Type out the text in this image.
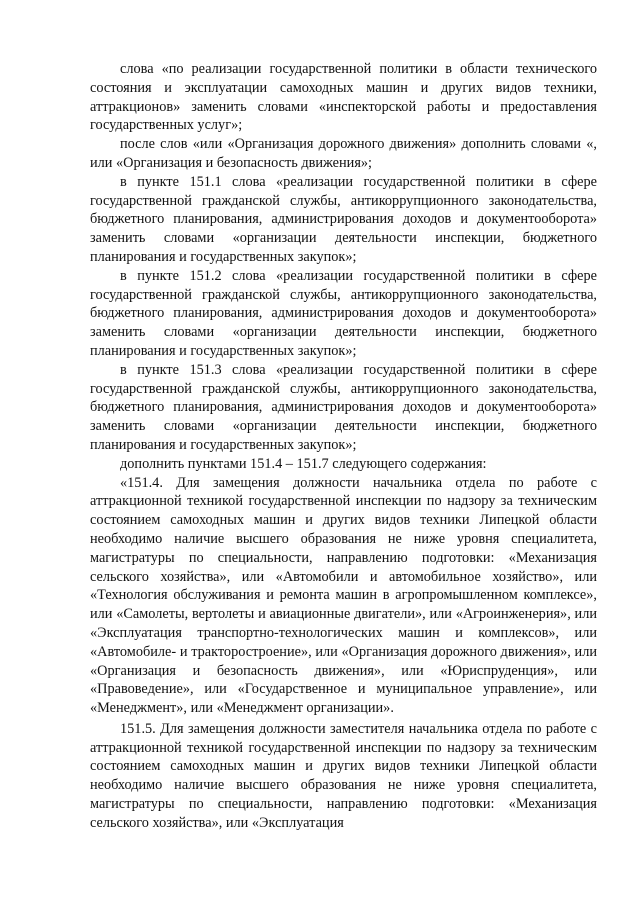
слова «по реализации государственной политики в области технического состояния и эксплуатации самоходных машин и других видов техники, аттракционов» заменить словами «инспекторской работы и предоставления государственных услуг»;

после слов «или «Организация дорожного движения» дополнить словами «, или «Организация и безопасность движения»;

в пункте 151.1 слова «реализации государственной политики в сфере государственной гражданской службы, антикоррупционного законодательства, бюджетного планирования, администрирования доходов и документооборота» заменить словами «организации деятельности инспекции, бюджетного планирования и государственных закупок»;

в пункте 151.2 слова «реализации государственной политики в сфере государственной гражданской службы, антикоррупционного законодательства, бюджетного планирования, администрирования доходов и документооборота» заменить словами «организации деятельности инспекции, бюджетного планирования и государственных закупок»;

в пункте 151.3 слова «реализации государственной политики в сфере государственной гражданской службы, антикоррупционного законодательства, бюджетного планирования, администрирования доходов и документооборота» заменить словами «организации деятельности инспекции, бюджетного планирования и государственных закупок»;

дополнить пунктами 151.4 – 151.7 следующего содержания:

«151.4. Для замещения должности начальника отдела по работе с аттракционной техникой государственной инспекции по надзору за техническим состоянием самоходных машин и других видов техники Липецкой области необходимо наличие высшего образования не ниже уровня специалитета, магистратуры по специальности, направлению подготовки: «Механизация сельского хозяйства», или «Автомобили и автомобильное хозяйство», или «Технология обслуживания и ремонта машин в агропромышленном комплексе», или «Самолеты, вертолеты и авиационные двигатели», или «Агроинженерия», или «Эксплуатация транспортно-технологических машин и комплексов», или «Автомобиле- и тракторостроение», или «Организация дорожного движения», или «Организация и безопасность движения», или «Юриспруденция», или «Правоведение», или «Государственное и муниципальное управление», или «Менеджмент», или «Менеджмент организации».

151.5. Для замещения должности заместителя начальника отдела по работе с аттракционной техникой государственной инспекции по надзору за техническим состоянием самоходных машин и других видов техники Липецкой области необходимо наличие высшего образования не ниже уровня специалитета, магистратуры по специальности, направлению подготовки: «Механизация сельского хозяйства», или «Эксплуатация
